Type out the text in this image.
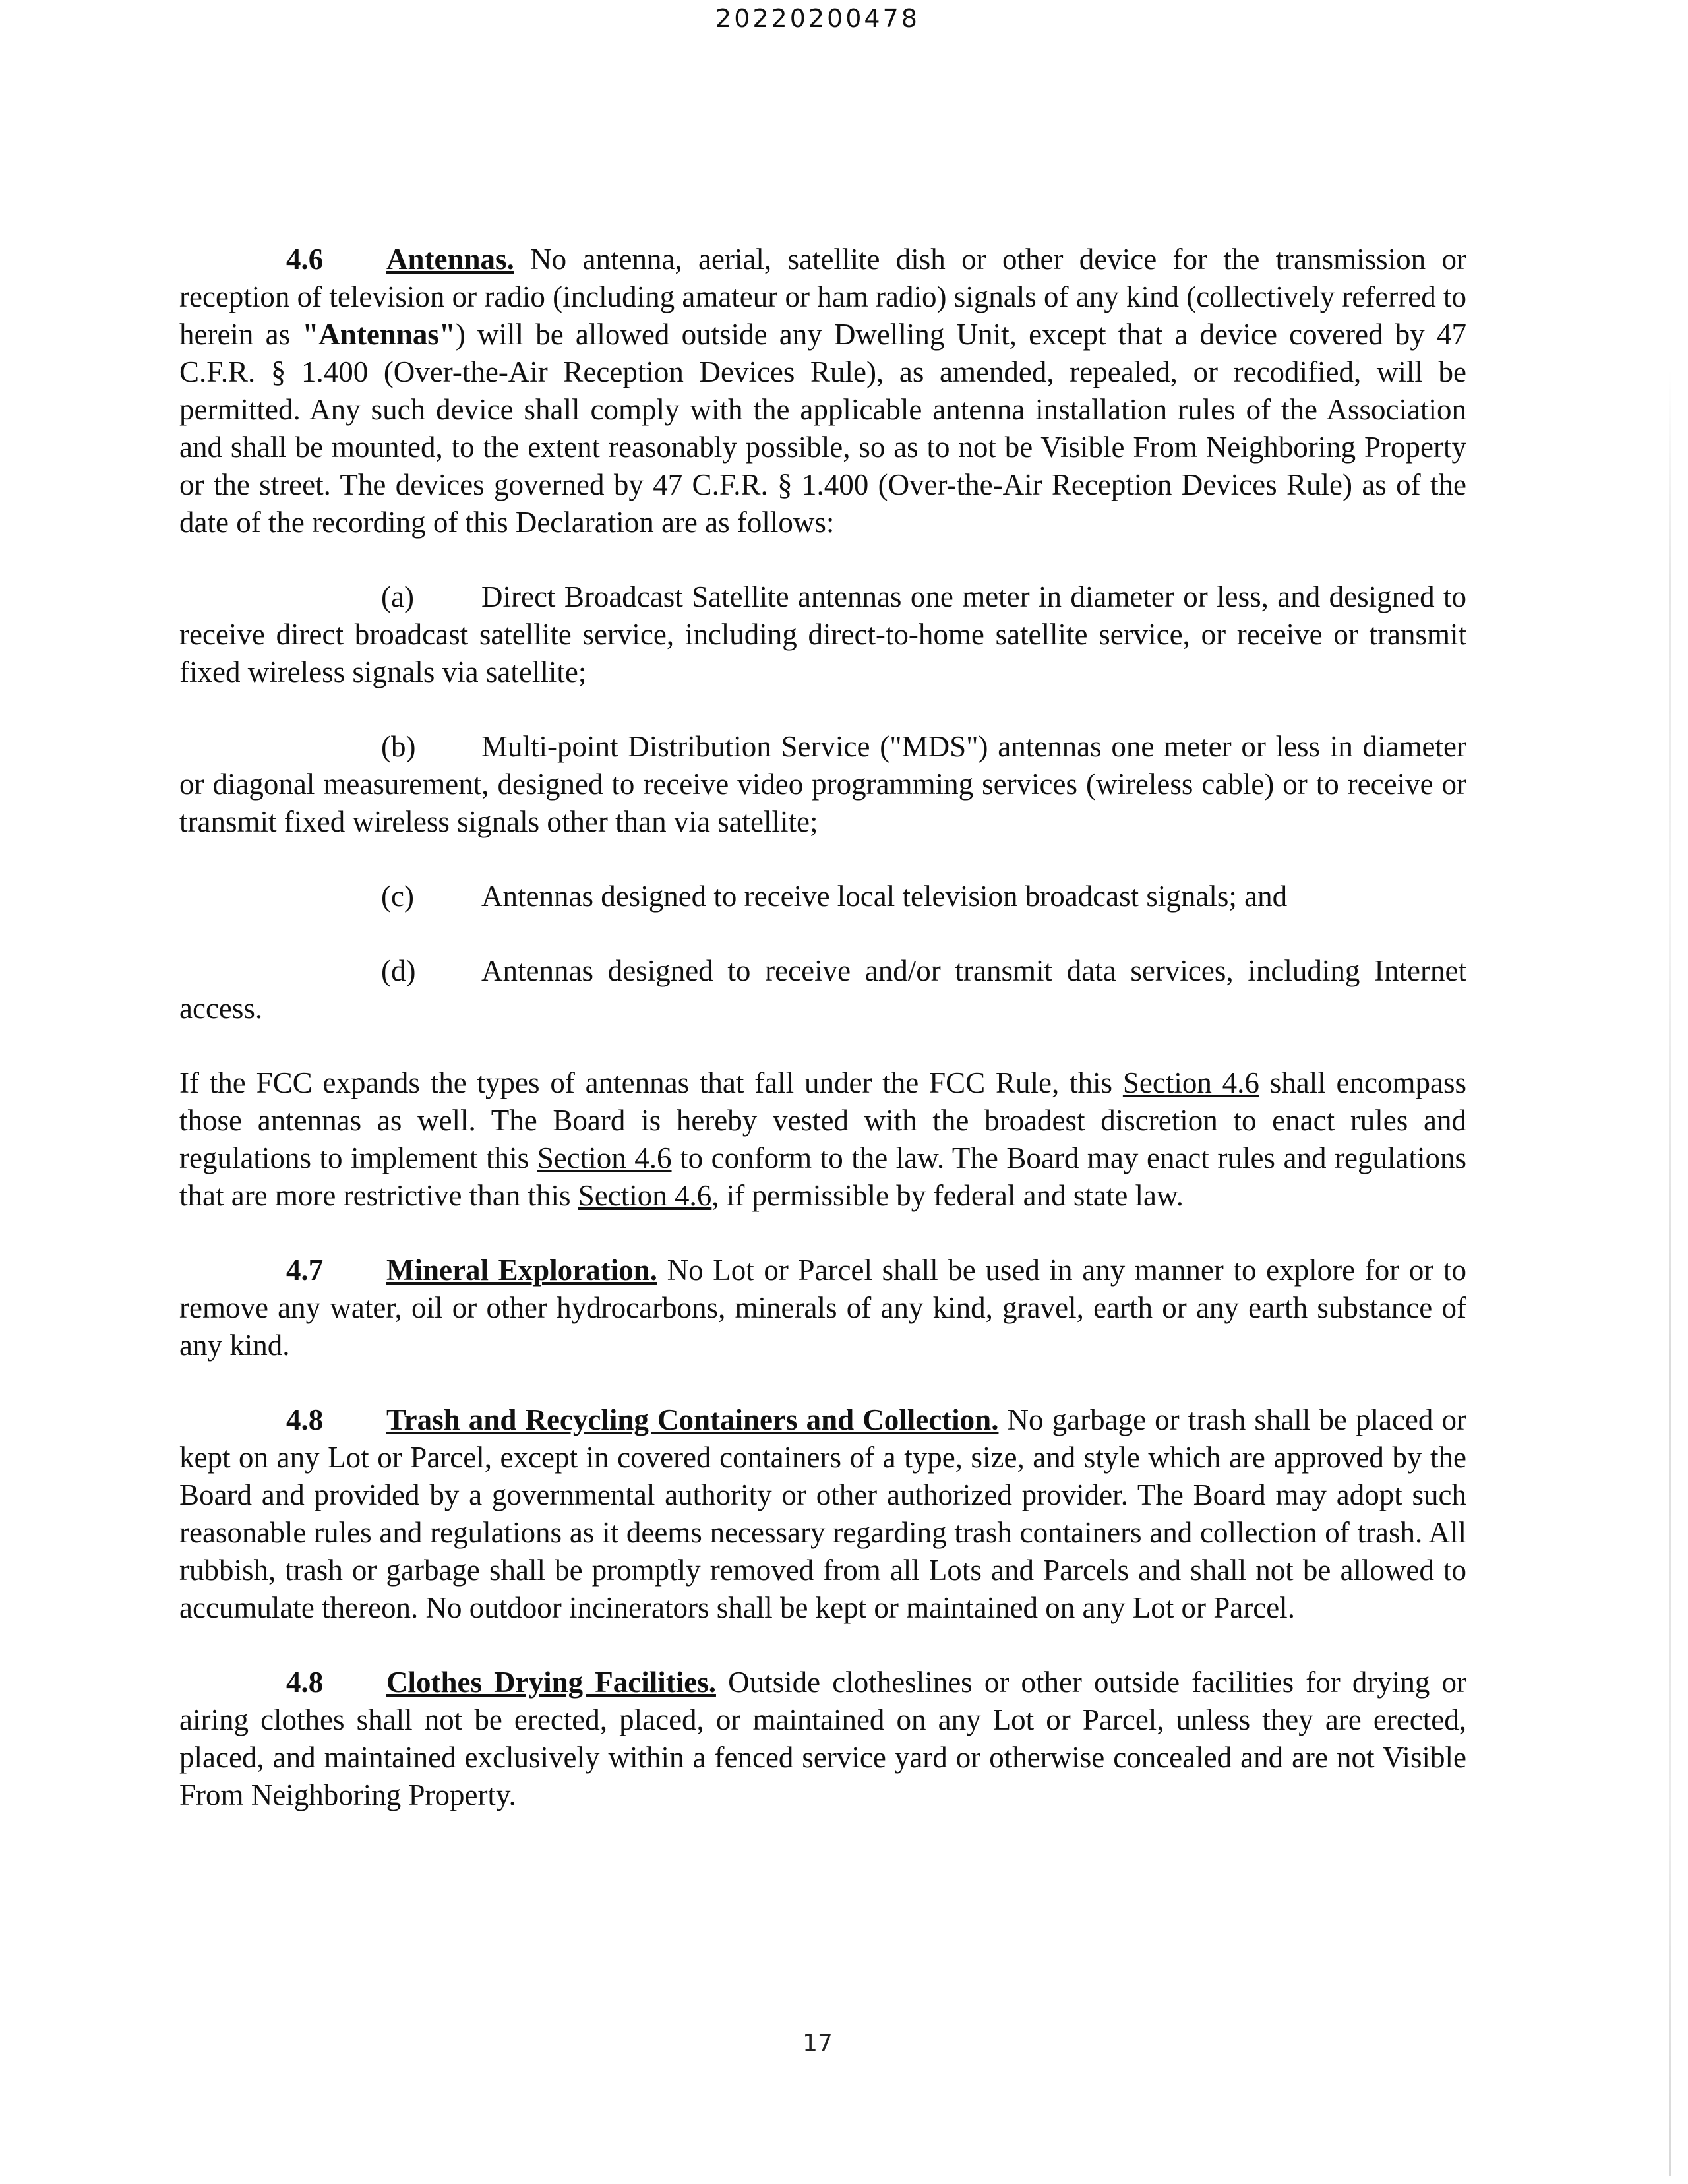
20220200478

4.6 Antennas. No antenna, aerial, satellite dish or other device for the transmission or reception of television or radio (including amateur or ham radio) signals of any kind (collectively referred to herein as "Antennas") will be allowed outside any Dwelling Unit, except that a device covered by 47 C.F.R. § 1.400 (Over-the-Air Reception Devices Rule), as amended, repealed, or recodified, will be permitted. Any such device shall comply with the applicable antenna installation rules of the Association and shall be mounted, to the extent reasonably possible, so as to not be Visible From Neighboring Property or the street. The devices governed by 47 C.F.R. § 1.400 (Over-the-Air Reception Devices Rule) as of the date of the recording of this Declaration are as follows:

(a) Direct Broadcast Satellite antennas one meter in diameter or less, and designed to receive direct broadcast satellite service, including direct-to-home satellite service, or receive or transmit fixed wireless signals via satellite;

(b) Multi-point Distribution Service ("MDS") antennas one meter or less in diameter or diagonal measurement, designed to receive video programming services (wireless cable) or to receive or transmit fixed wireless signals other than via satellite;

(c) Antennas designed to receive local television broadcast signals; and

(d) Antennas designed to receive and/or transmit data services, including Internet access.

If the FCC expands the types of antennas that fall under the FCC Rule, this Section 4.6 shall encompass those antennas as well. The Board is hereby vested with the broadest discretion to enact rules and regulations to implement this Section 4.6 to conform to the law. The Board may enact rules and regulations that are more restrictive than this Section 4.6, if permissible by federal and state law.

4.7 Mineral Exploration. No Lot or Parcel shall be used in any manner to explore for or to remove any water, oil or other hydrocarbons, minerals of any kind, gravel, earth or any earth substance of any kind.

4.8 Trash and Recycling Containers and Collection. No garbage or trash shall be placed or kept on any Lot or Parcel, except in covered containers of a type, size, and style which are approved by the Board and provided by a governmental authority or other authorized provider. The Board may adopt such reasonable rules and regulations as it deems necessary regarding trash containers and collection of trash. All rubbish, trash or garbage shall be promptly removed from all Lots and Parcels and shall not be allowed to accumulate thereon. No outdoor incinerators shall be kept or maintained on any Lot or Parcel.

4.8 Clothes Drying Facilities. Outside clotheslines or other outside facilities for drying or airing clothes shall not be erected, placed, or maintained on any Lot or Parcel, unless they are erected, placed, and maintained exclusively within a fenced service yard or otherwise concealed and are not Visible From Neighboring Property.

17
